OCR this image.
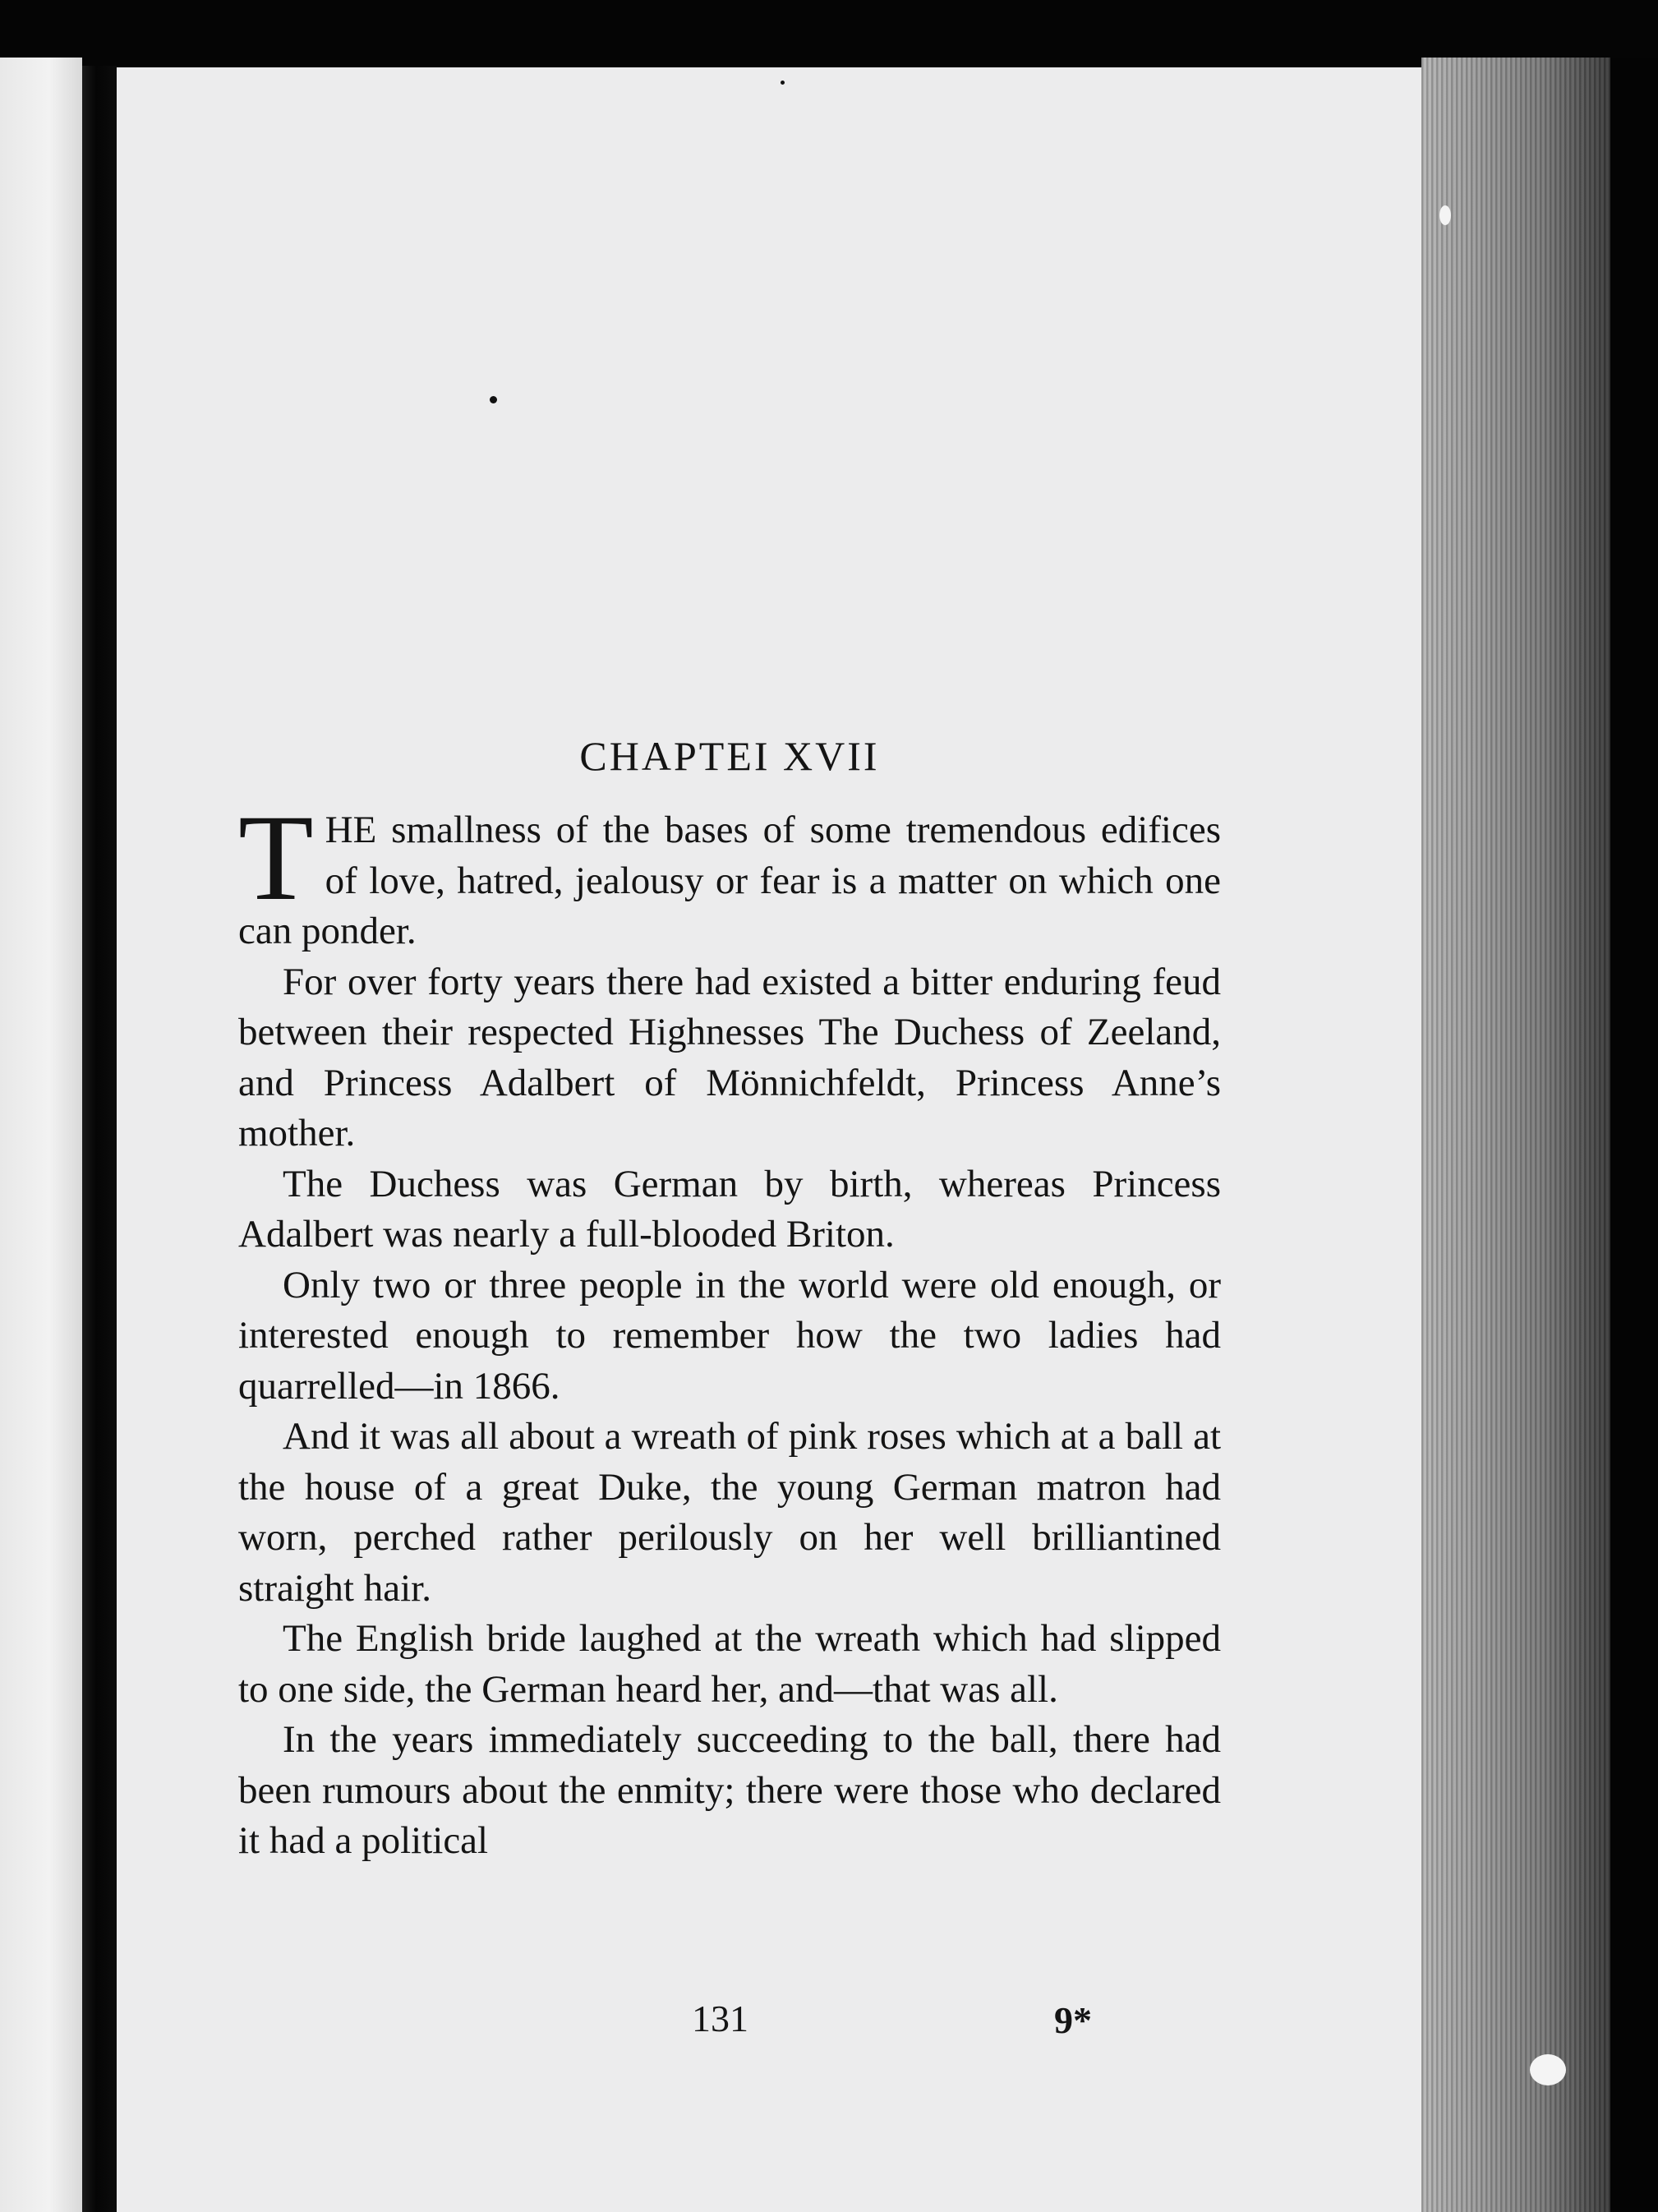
CHAPTEI XVII

T HE smallness of the bases of some tremendous edifices of love, hatred, jealousy or fear is a matter on which one can ponder.

For over forty years there had existed a bitter enduring feud between their respected Highnesses The Duchess of Zeeland, and Princess Adalbert of Mönnichfeldt, Princess Anne’s mother.

The Duchess was German by birth, whereas Princess Adalbert was nearly a full-blooded Briton.

Only two or three people in the world were old enough, or interested enough to remember how the two ladies had quarrelled—in 1866.

And it was all about a wreath of pink roses which at a ball at the house of a great Duke, the young German matron had worn, perched rather perilously on her well brilliantined straight hair.

The English bride laughed at the wreath which had slipped to one side, the German heard her, and—that was all.

In the years immediately succeeding to the ball, there had been rumours about the enmity; there were those who declared it had a political

131	9*
